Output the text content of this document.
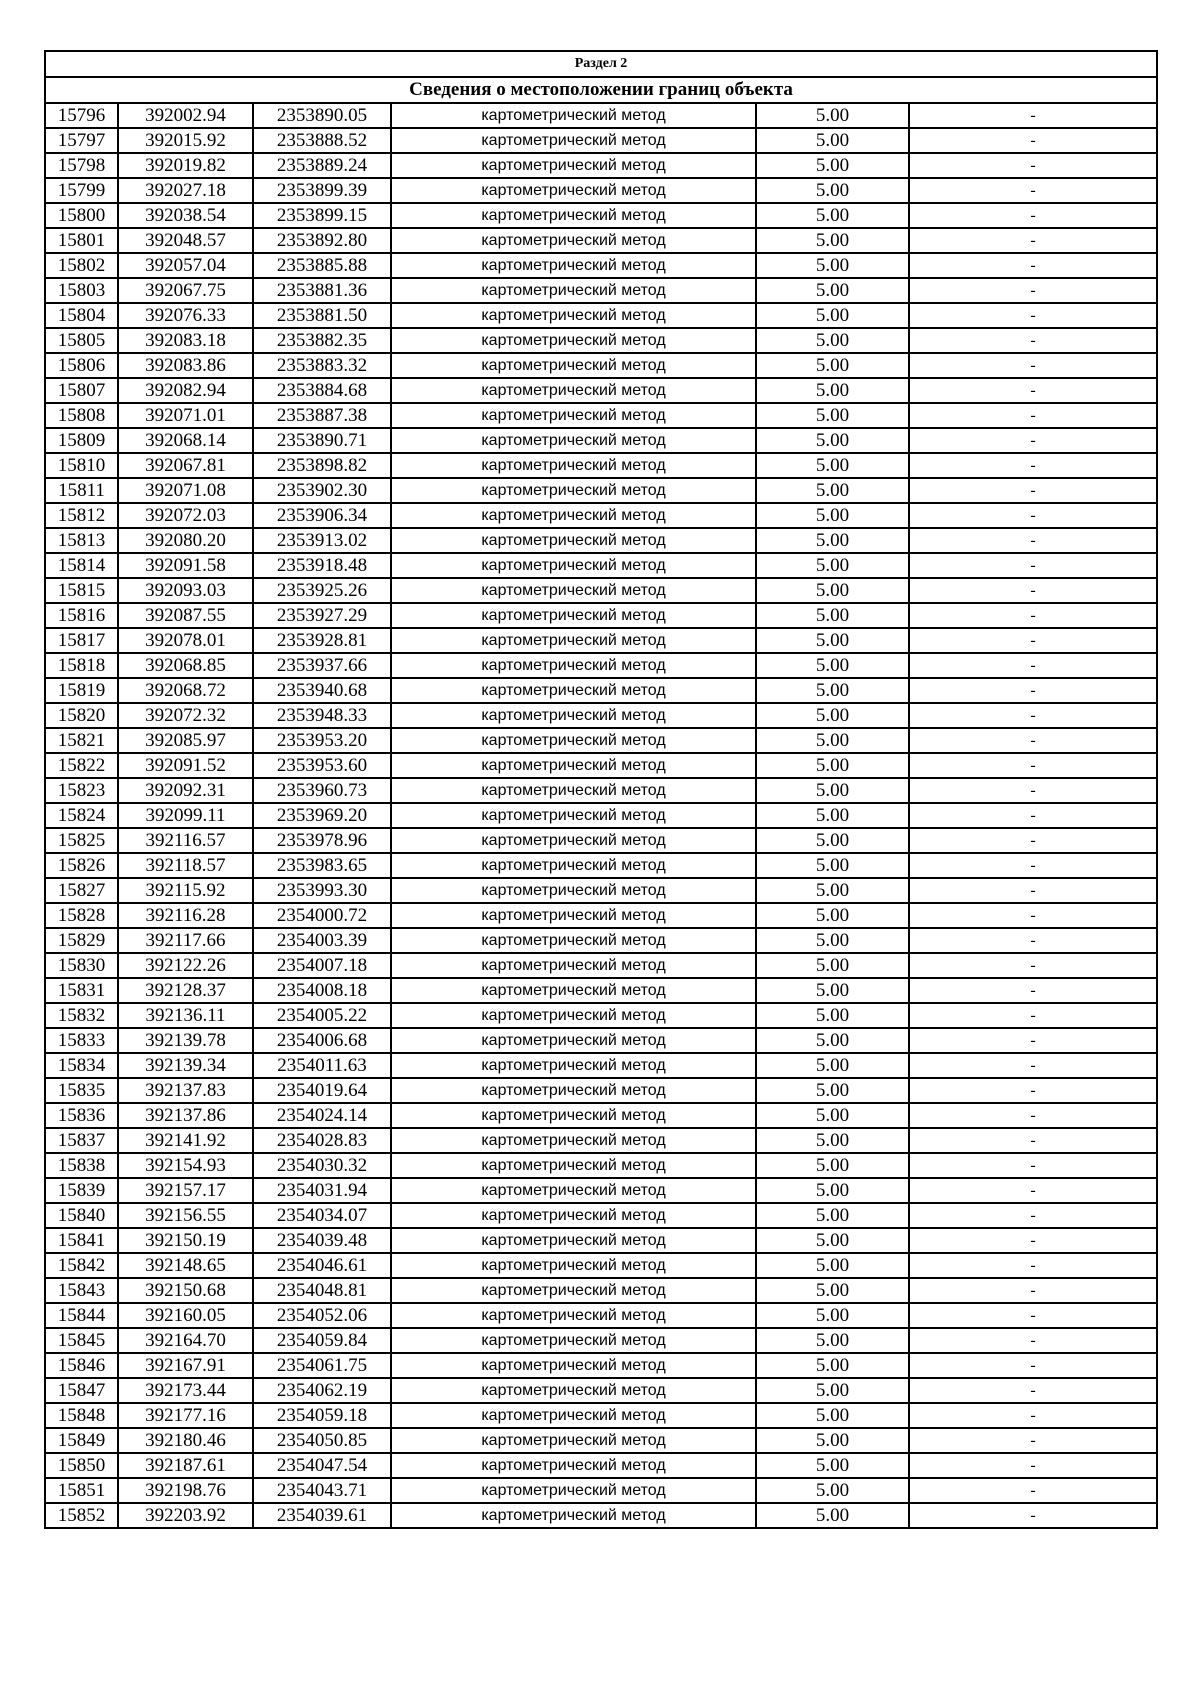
Раздел 2					
Сведения о местоположении границ объекта					
15796	392002.94	2353890.05	картометрический метод	5.00	-
15797	392015.92	2353888.52	картометрический метод	5.00	-
15798	392019.82	2353889.24	картометрический метод	5.00	-
15799	392027.18	2353899.39	картометрический метод	5.00	-
15800	392038.54	2353899.15	картометрический метод	5.00	-
15801	392048.57	2353892.80	картометрический метод	5.00	-
15802	392057.04	2353885.88	картометрический метод	5.00	-
15803	392067.75	2353881.36	картометрический метод	5.00	-
15804	392076.33	2353881.50	картометрический метод	5.00	-
15805	392083.18	2353882.35	картометрический метод	5.00	-
15806	392083.86	2353883.32	картометрический метод	5.00	-
15807	392082.94	2353884.68	картометрический метод	5.00	-
15808	392071.01	2353887.38	картометрический метод	5.00	-
15809	392068.14	2353890.71	картометрический метод	5.00	-
15810	392067.81	2353898.82	картометрический метод	5.00	-
15811	392071.08	2353902.30	картометрический метод	5.00	-
15812	392072.03	2353906.34	картометрический метод	5.00	-
15813	392080.20	2353913.02	картометрический метод	5.00	-
15814	392091.58	2353918.48	картометрический метод	5.00	-
15815	392093.03	2353925.26	картометрический метод	5.00	-
15816	392087.55	2353927.29	картометрический метод	5.00	-
15817	392078.01	2353928.81	картометрический метод	5.00	-
15818	392068.85	2353937.66	картометрический метод	5.00	-
15819	392068.72	2353940.68	картометрический метод	5.00	-
15820	392072.32	2353948.33	картометрический метод	5.00	-
15821	392085.97	2353953.20	картометрический метод	5.00	-
15822	392091.52	2353953.60	картометрический метод	5.00	-
15823	392092.31	2353960.73	картометрический метод	5.00	-
15824	392099.11	2353969.20	картометрический метод	5.00	-
15825	392116.57	2353978.96	картометрический метод	5.00	-
15826	392118.57	2353983.65	картометрический метод	5.00	-
15827	392115.92	2353993.30	картометрический метод	5.00	-
15828	392116.28	2354000.72	картометрический метод	5.00	-
15829	392117.66	2354003.39	картометрический метод	5.00	-
15830	392122.26	2354007.18	картометрический метод	5.00	-
15831	392128.37	2354008.18	картометрический метод	5.00	-
15832	392136.11	2354005.22	картометрический метод	5.00	-
15833	392139.78	2354006.68	картометрический метод	5.00	-
15834	392139.34	2354011.63	картометрический метод	5.00	-
15835	392137.83	2354019.64	картометрический метод	5.00	-
15836	392137.86	2354024.14	картометрический метод	5.00	-
15837	392141.92	2354028.83	картометрический метод	5.00	-
15838	392154.93	2354030.32	картометрический метод	5.00	-
15839	392157.17	2354031.94	картометрический метод	5.00	-
15840	392156.55	2354034.07	картометрический метод	5.00	-
15841	392150.19	2354039.48	картометрический метод	5.00	-
15842	392148.65	2354046.61	картометрический метод	5.00	-
15843	392150.68	2354048.81	картометрический метод	5.00	-
15844	392160.05	2354052.06	картометрический метод	5.00	-
15845	392164.70	2354059.84	картометрический метод	5.00	-
15846	392167.91	2354061.75	картометрический метод	5.00	-
15847	392173.44	2354062.19	картометрический метод	5.00	-
15848	392177.16	2354059.18	картометрический метод	5.00	-
15849	392180.46	2354050.85	картометрический метод	5.00	-
15850	392187.61	2354047.54	картометрический метод	5.00	-
15851	392198.76	2354043.71	картометрический метод	5.00	-
15852	392203.92	2354039.61	картометрический метод	5.00	-
